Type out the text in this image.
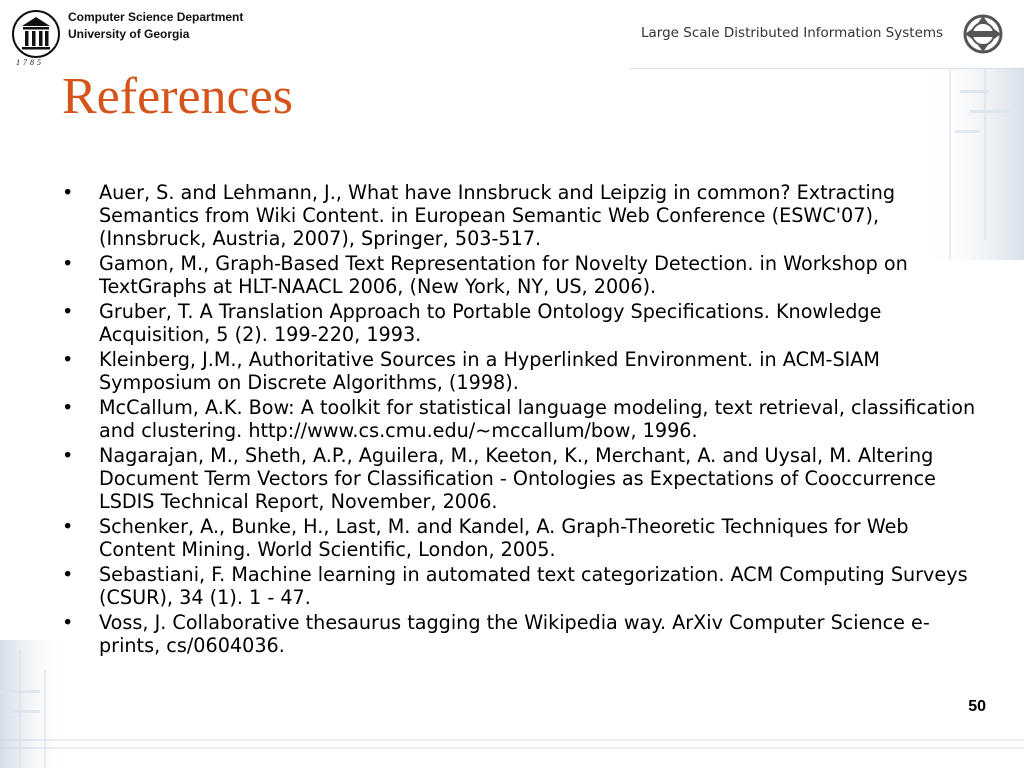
1785
Computer Science Department
University of Georgia	Large Scale Distributed Information Systems
References
• Auer, S. and Lehmann, J., What have Innsbruck and Leipzig in common? Extracting Semantics from Wiki Content. in European Semantic Web Conference (ESWC'07), (Innsbruck, Austria, 2007), Springer, 503-517.
• Gamon, M., Graph-Based Text Representation for Novelty Detection. in Workshop on TextGraphs at HLT-NAACL 2006, (New York, NY, US, 2006).
• Gruber, T. A Translation Approach to Portable Ontology Specifications. Knowledge Acquisition, 5 (2). 199-220, 1993.
• Kleinberg, J.M., Authoritative Sources in a Hyperlinked Environment. in ACM-SIAM Symposium on Discrete Algorithms, (1998).
• McCallum, A.K. Bow: A toolkit for statistical language modeling, text retrieval, classification and clustering. http://www.cs.cmu.edu/~mccallum/bow, 1996.
• Nagarajan, M., Sheth, A.P., Aguilera, M., Keeton, K., Merchant, A. and Uysal, M. Altering Document Term Vectors for Classification - Ontologies as Expectations of Cooccurrence LSDIS Technical Report, November, 2006.
• Schenker, A., Bunke, H., Last, M. and Kandel, A. Graph-Theoretic Techniques for Web Content Mining. World Scientific, London, 2005.
• Sebastiani, F. Machine learning in automated text categorization. ACM Computing Surveys (CSUR), 34 (1). 1 - 47.
• Voss, J. Collaborative thesaurus tagging the Wikipedia way. ArXiv Computer Science e-prints, cs/0604036.
50
